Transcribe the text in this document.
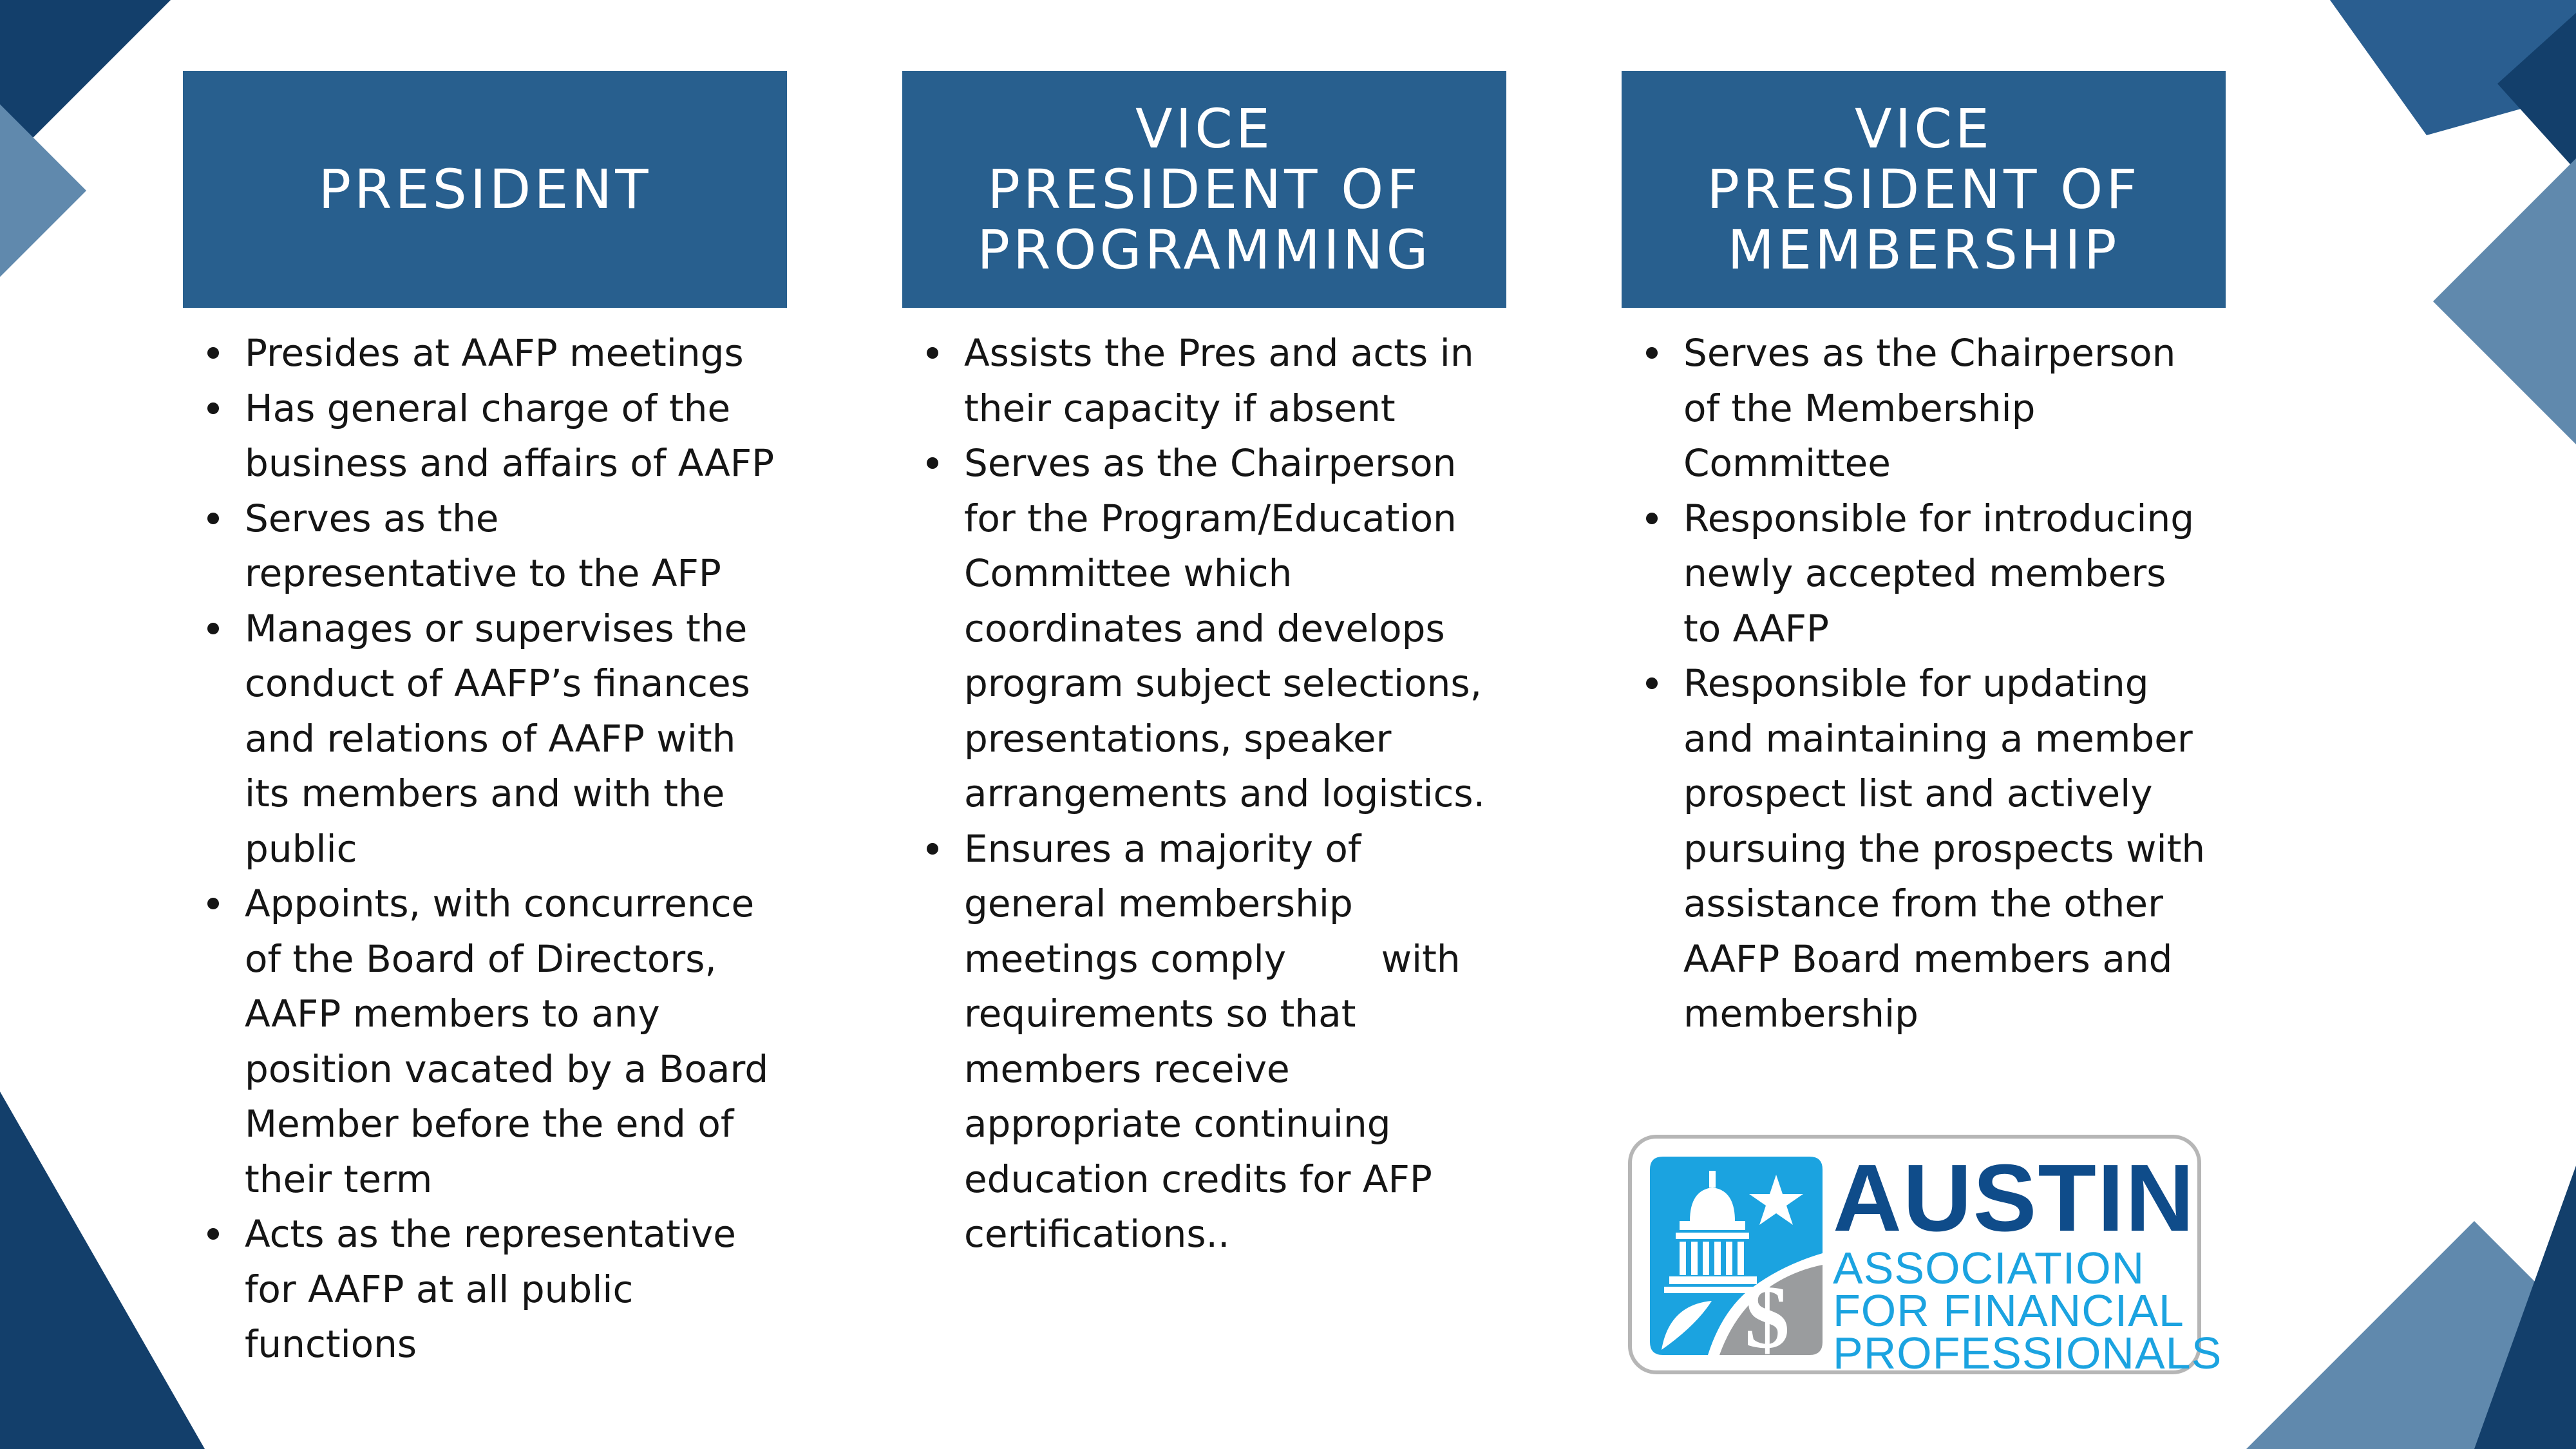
PRESIDENT
Presides at AAFP meetings
Has general charge of the
business and affairs of AAFP
Serves as the
representative to the AFP
Manages or supervises the
conduct of AAFP’s finances
and relations of AAFP with
its members and with the
public
Appoints, with concurrence
of the Board of Directors,
AAFP members to any
position vacated by a Board
Member before the end of
their term
Acts as the representative
for AAFP at all public
functions
VICE
PRESIDENT OF
PROGRAMMING
Assists the Pres and acts in
their capacity if absent
Serves as the Chairperson
for the Program/Education
Committee which
coordinates and develops
program subject selections,
presentations, speaker
arrangements and logistics.
Ensures a majority of
general membership
meetings comply        with
requirements so that
members receive
appropriate continuing
education credits for AFP
certifications..
VICE
PRESIDENT OF
MEMBERSHIP
Serves as the Chairperson
of the Membership
Committee
Responsible for introducing
newly accepted members
to AAFP
Responsible for updating
and maintaining a member
prospect list and actively
pursuing the prospects with
assistance from the other
AAFP Board members and
membership
$
AUSTIN
ASSOCIATION
FOR FINANCIAL
PROFESSIONALS
